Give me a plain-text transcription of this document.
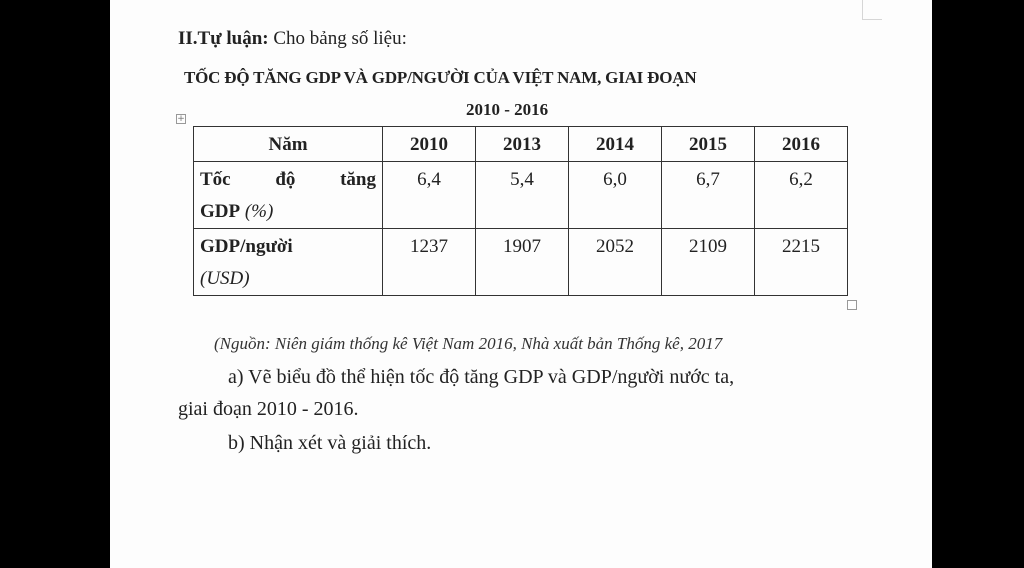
II.Tự luận: Cho bảng số liệu:
TỐC ĐỘ TĂNG GDP VÀ GDP/NGƯỜI CỦA VIỆT NAM, GIAI ĐOẠN
2010 - 2016
+
Năm	2010	2013	2014	2015	2016

Tốc độ tăng
GDP (%)	6,4	5,4	6,0	6,7	6,2

GDP/người
(USD)	1237	1907	2052	2109	2215
(Nguồn: Niên giám thống kê Việt Nam 2016, Nhà xuất bản Thống kê, 2017
a) Vẽ biểu đồ thể hiện tốc độ tăng GDP và GDP/người nước ta,
giai đoạn 2010 - 2016.
b) Nhận xét và giải thích.
